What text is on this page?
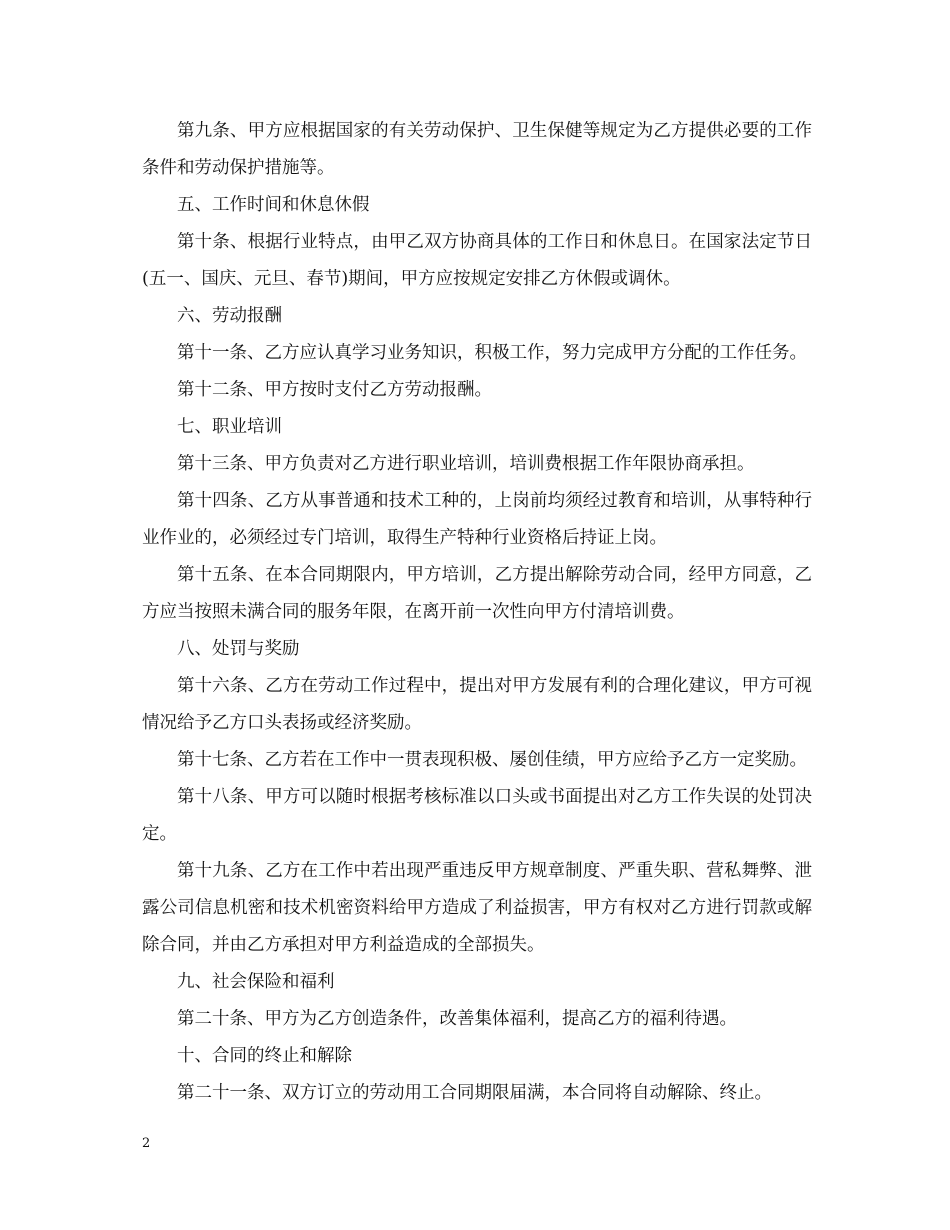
第九条、甲方应根据国家的有关劳动保护、卫生保健等规定为乙方提供必要的工作条件和劳动保护措施等。

五、工作时间和休息休假

第十条、根据行业特点，由甲乙双方协商具体的工作日和休息日。在国家法定节日(五一、国庆、元旦、春节)期间，甲方应按规定安排乙方休假或调休。

六、劳动报酬

第十一条、乙方应认真学习业务知识，积极工作，努力完成甲方分配的工作任务。

第十二条、甲方按时支付乙方劳动报酬。

七、职业培训

第十三条、甲方负责对乙方进行职业培训，培训费根据工作年限协商承担。

第十四条、乙方从事普通和技术工种的，上岗前均须经过教育和培训，从事特种行业作业的，必须经过专门培训，取得生产特种行业资格后持证上岗。

第十五条、在本合同期限内，甲方培训，乙方提出解除劳动合同，经甲方同意，乙方应当按照未满合同的服务年限，在离开前一次性向甲方付清培训费。

八、处罚与奖励

第十六条、乙方在劳动工作过程中，提出对甲方发展有利的合理化建议，甲方可视情况给予乙方口头表扬或经济奖励。

第十七条、乙方若在工作中一贯表现积极、屡创佳绩，甲方应给予乙方一定奖励。

第十八条、甲方可以随时根据考核标准以口头或书面提出对乙方工作失误的处罚决定。

第十九条、乙方在工作中若出现严重违反甲方规章制度、严重失职、营私舞弊、泄露公司信息机密和技术机密资料给甲方造成了利益损害，甲方有权对乙方进行罚款或解除合同，并由乙方承担对甲方利益造成的全部损失。

九、社会保险和福利

第二十条、甲方为乙方创造条件，改善集体福利，提高乙方的福利待遇。

十、合同的终止和解除

第二十一条、双方订立的劳动用工合同期限届满，本合同将自动解除、终止。

2
